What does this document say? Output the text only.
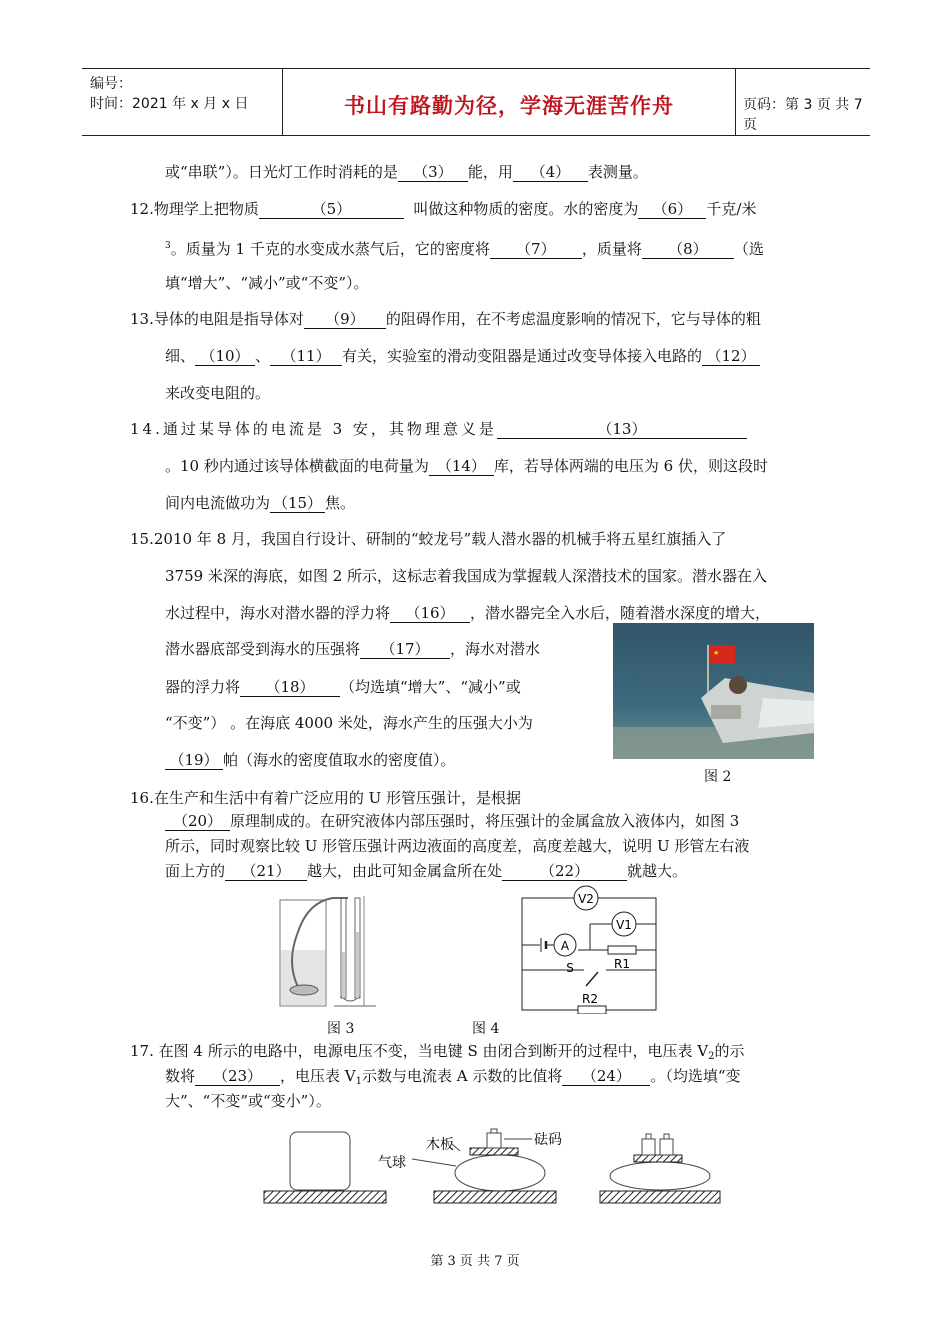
编号：
时间：2021 年 x 月 x 日	书山有路勤为径，学海无涯苦作舟	页码：第 3 页 共 7 页
或“串联”）。日光灯工作时消耗的是 （3） 能，用 （4） 表测量。
12.物理学上把物质	（5）	叫做这种物质的密度。水的密度为 （6） 千克/米
$^3$。质量为 1 千克的水变成水蒸气后，它的密度将 （7） ，质量将 （8） （选
填“增大”、“减小”或“不变”）。
13.导体的电阻是指导体对 （9） 的阻碍作用，在不考虑温度影响的情况下，它与导体的粗
细、 （10） 、 （11） 有关，实验室的滑动变阻器是通过改变导体接入电路的 （12）
来改变电阻的。
14.通过某导体的电流是 3 安，其物理意义是	（13）
。10 秒内通过该导体横截面的电荷量为 （14） 库，若导体两端的电压为 6 伏，则这段时
间内电流做功为 （15） 焦。
15.2010 年 8 月，我国自行设计、研制的“蛟龙号”载人潜水器的机械手将五星红旗插入了
3759 米深的海底，如图 2 所示，这标志着我国成为掌握载人深潜技术的国家。潜水器在入
水过程中，海水对潜水器的浮力将 （16） ，潜水器完全入水后，随着潜水深度的增大，
潜水器底部受到海水的压强将 （17） ，海水对潜水
器的浮力将 （18） （均选填“增大”、“减小”或
“不变”） 。在海底 4000 米处，海水产生的压强大小为
（19） 帕（海水的密度值取水的密度值）。
★
图 2
16.在生产和生活中有着广泛应用的 U 形管压强计，是根据
（20） 原理制成的。在研究液体内部压强时，将压强计的金属盒放入液体内，如图 3
所示，同时观察比较 U 形管压强计两边液面的高度差，高度差越大，说明 U 形管左右液
面上方的 （21） 越大，由此可知金属盒所在处	（22）	就越大。
图 3
V2
V1
A
R1
S
R2
图 4
17. 在图 4 所示的电路中，电源电压不变，当电键 S 由闭合到断开的过程中，电压表 $V_2$的示
数将 （23） ，电压表 $V_1$示数与电流表 A 示数的比值将 （24） 。（均选填“变
大”、“不变”或“变小”）。
木板	砝码
气球
第 3 页 共 7 页
